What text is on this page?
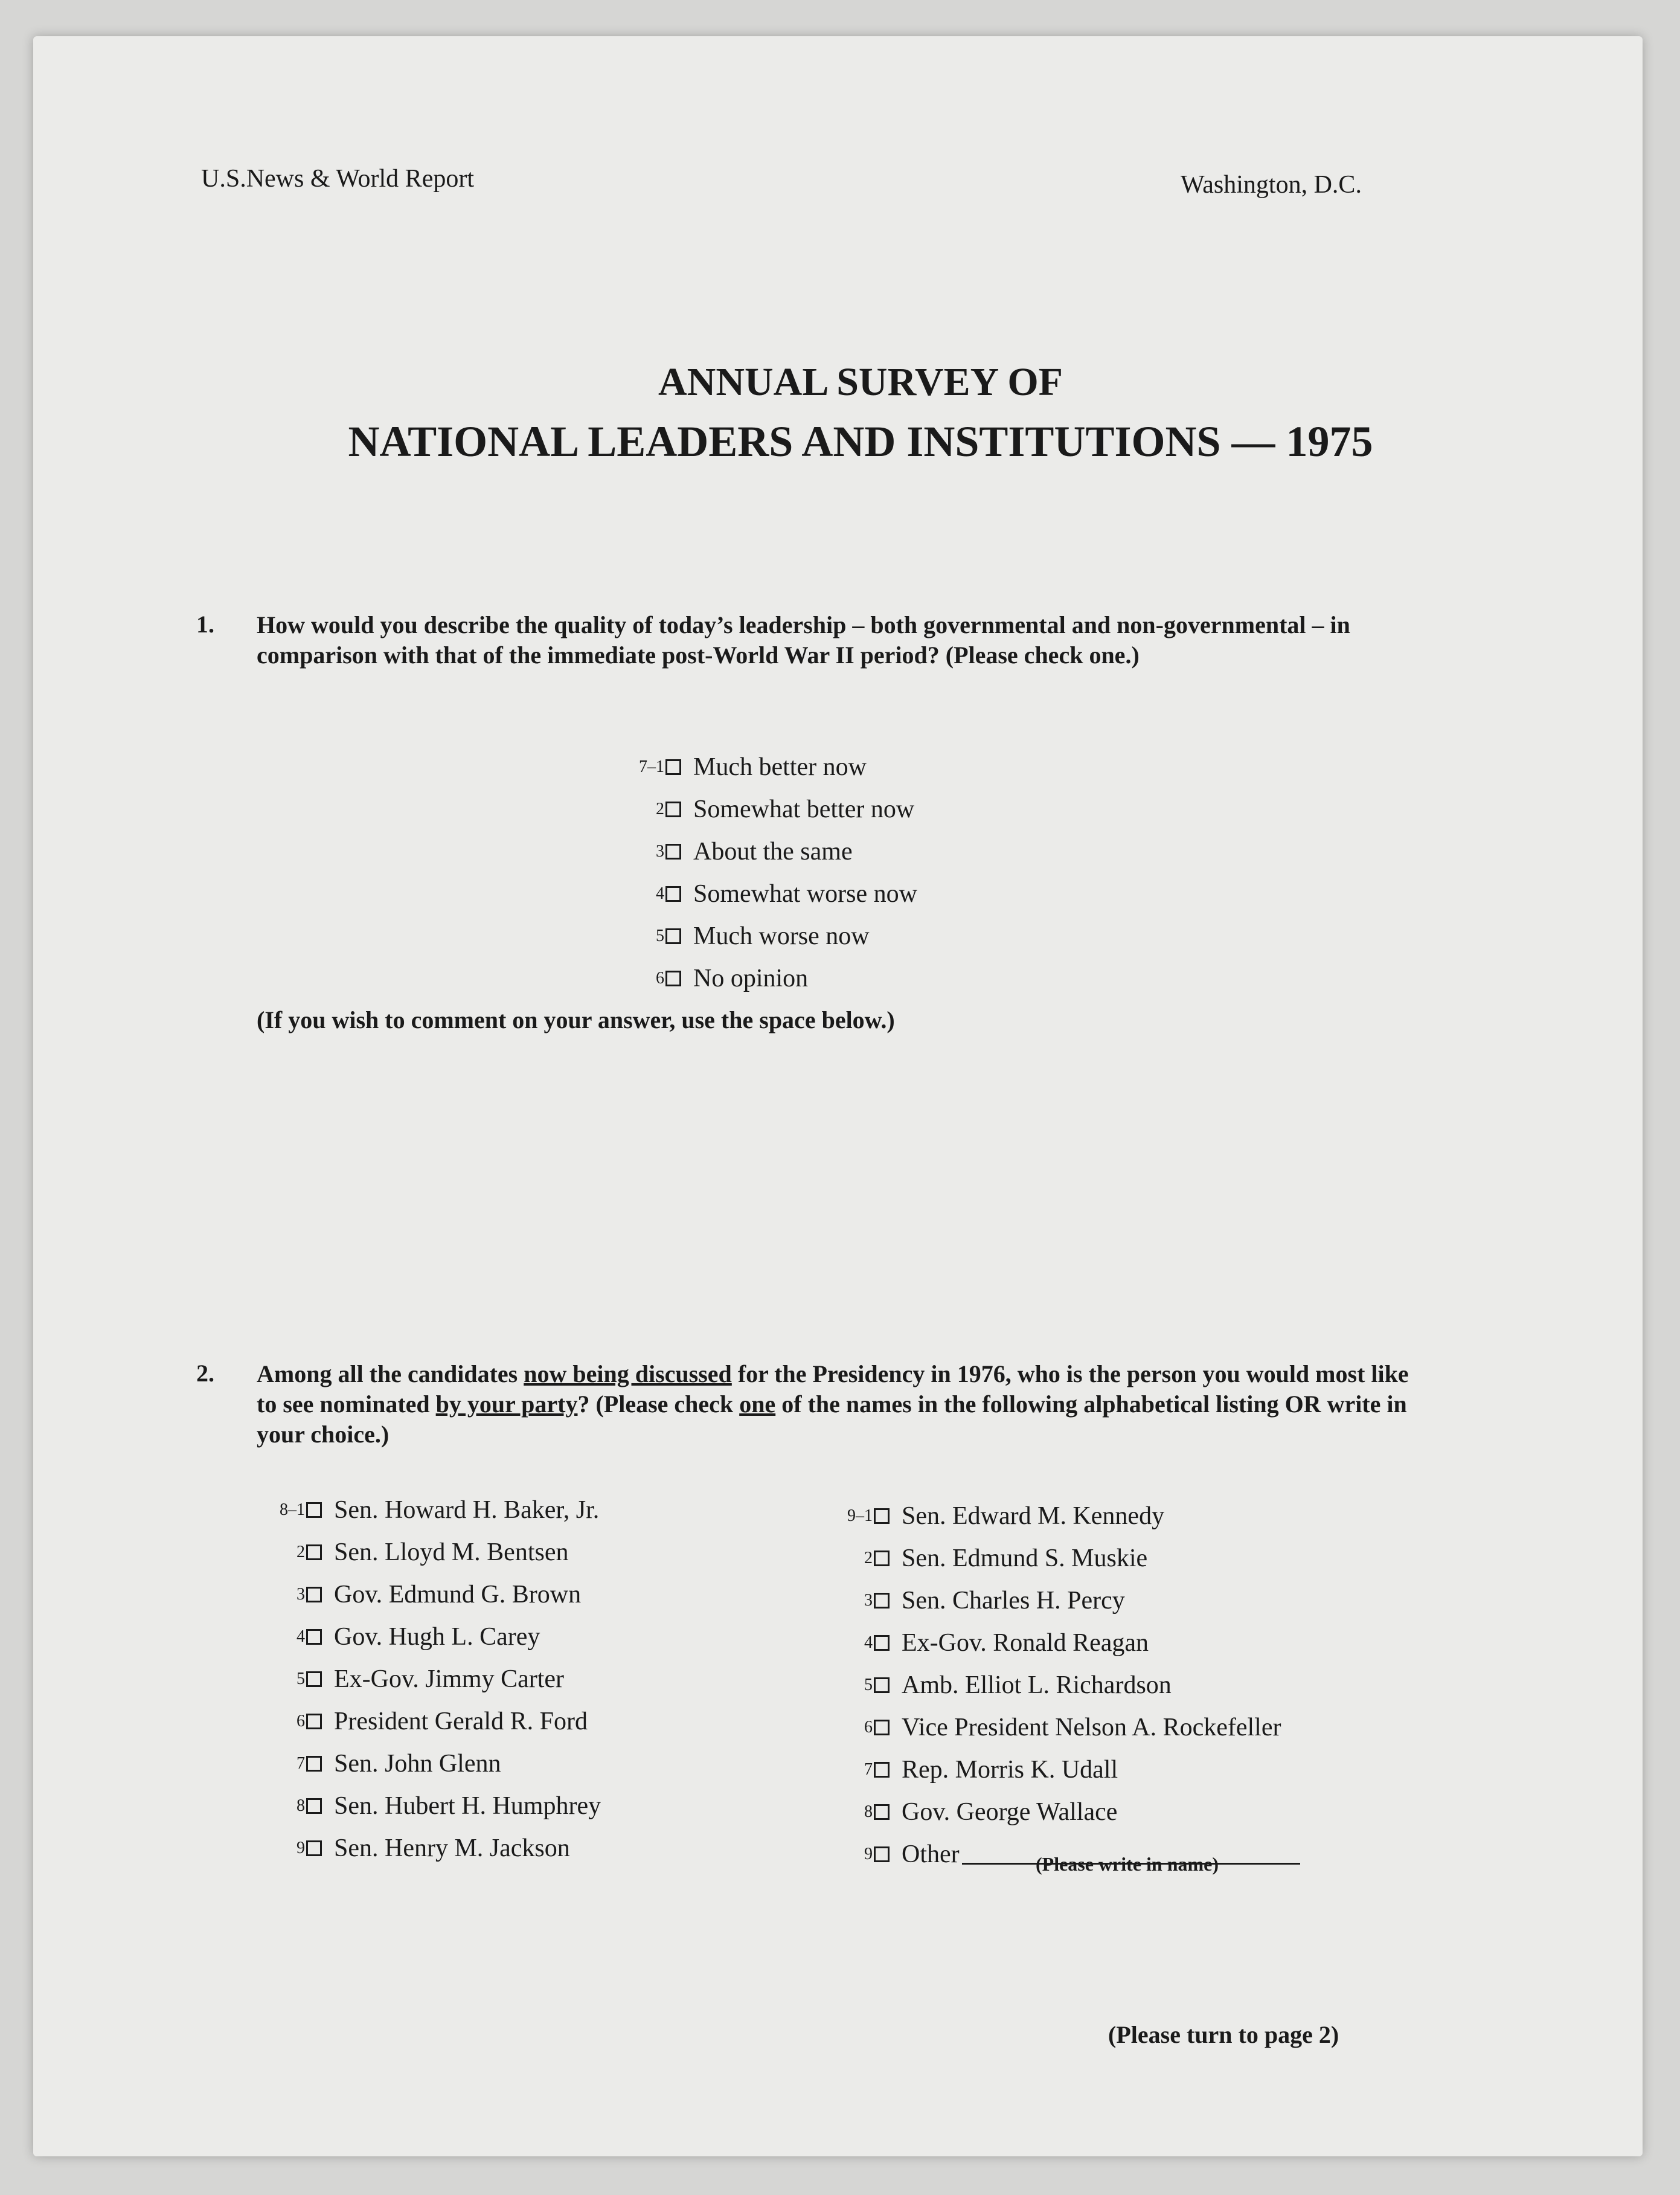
U.S.News & World Report	Washington, D.C.
ANNUAL SURVEY OF
NATIONAL LEADERS AND INSTITUTIONS — 1975
1. How would you describe the quality of today’s leadership – both governmental and non-governmental – in comparison with that of the immediate post-World War II period? (Please check one.)
7–1 Much better now
2 Somewhat better now
3 About the same
4 Somewhat worse now
5 Much worse now
6 No opinion
(If you wish to comment on your answer, use the space below.)
2. Among all the candidates now being discussed for the Presidency in 1976, who is the person you would most like to see nominated by your party? (Please check one of the names in the following alphabetical listing OR write in your choice.)
8–1 Sen. Howard H. Baker, Jr.
2 Sen. Lloyd M. Bentsen
3 Gov. Edmund G. Brown
4 Gov. Hugh L. Carey
5 Ex-Gov. Jimmy Carter
6 President Gerald R. Ford
7 Sen. John Glenn
8 Sen. Hubert H. Humphrey
9 Sen. Henry M. Jackson
9–1 Sen. Edward M. Kennedy
2 Sen. Edmund S. Muskie
3 Sen. Charles H. Percy
4 Ex-Gov. Ronald Reagan
5 Amb. Elliot L. Richardson
6 Vice President Nelson A. Rockefeller
7 Rep. Morris K. Udall
8 Gov. George Wallace
9 Other	(Please write in name)
(Please turn to page 2)
